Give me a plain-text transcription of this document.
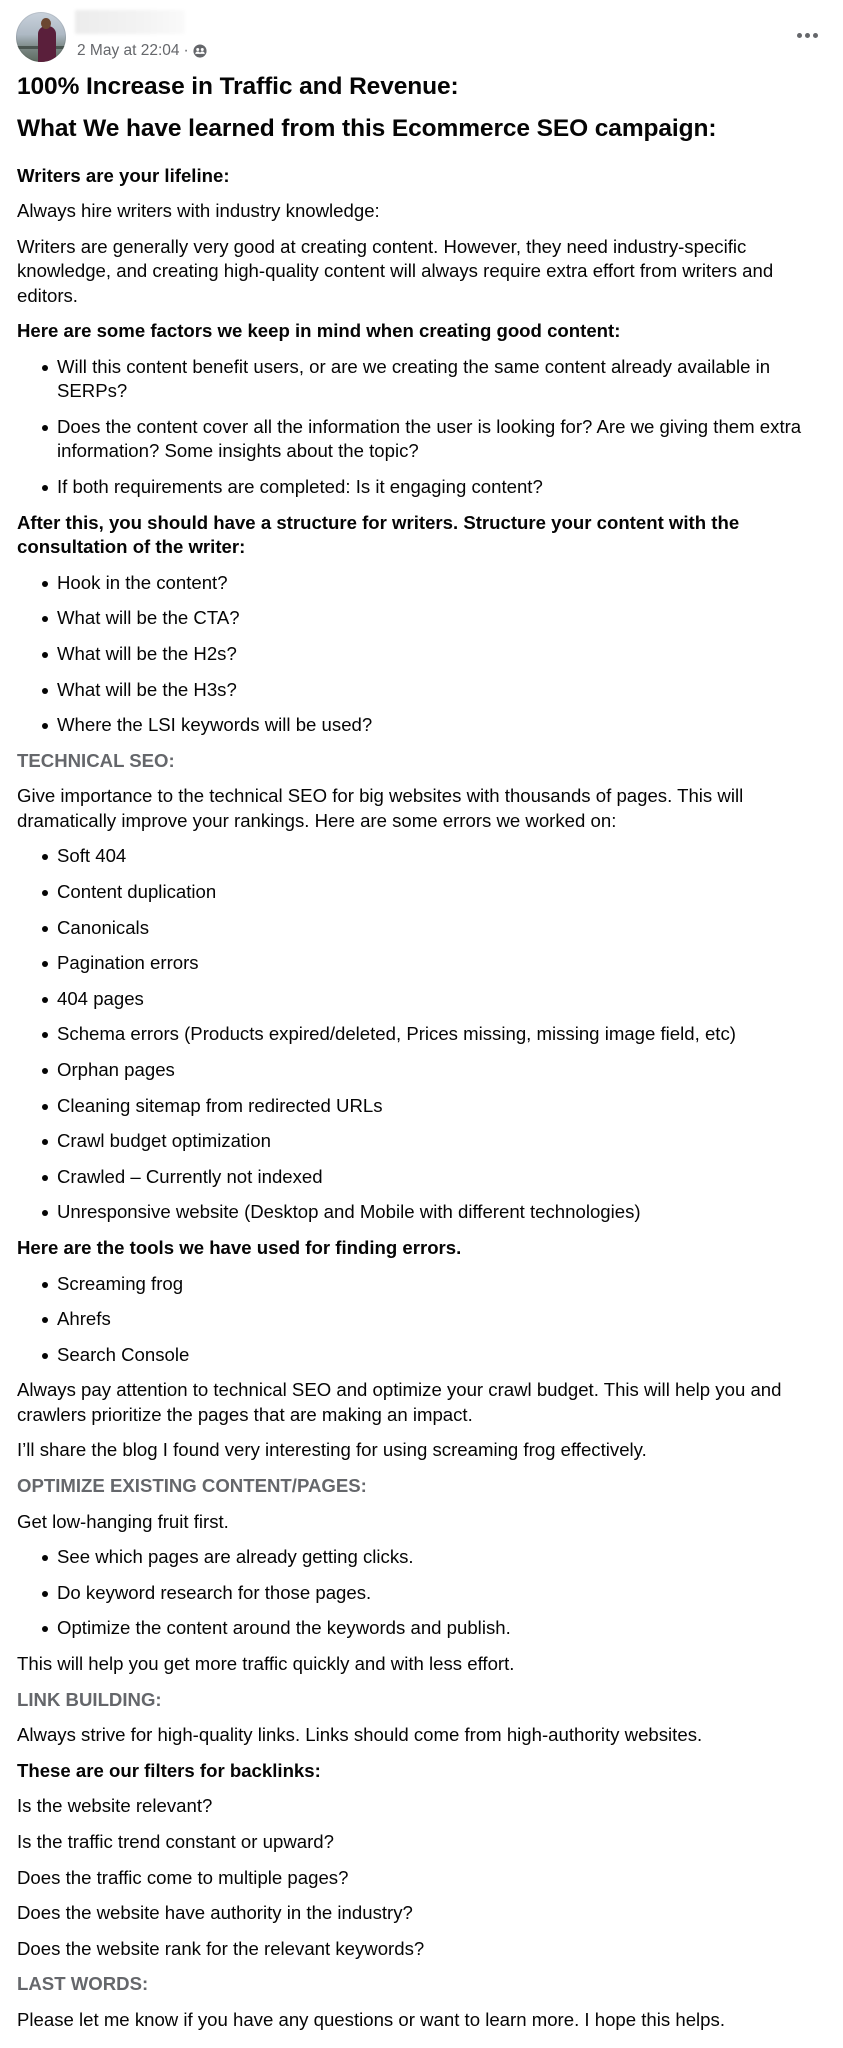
2 May at 22:04 ·
100% Increase in Traffic and Revenue:
What We have learned from this Ecommerce SEO campaign:
Writers are your lifeline:
Always hire writers with industry knowledge:
Writers are generally very good at creating content. However, they need industry-specific knowledge, and creating high-quality content will always require extra effort from writers and editors.
Here are some factors we keep in mind when creating good content:
Will this content benefit users, or are we creating the same content already available in SERPs?
Does the content cover all the information the user is looking for? Are we giving them extra information? Some insights about the topic?
If both requirements are completed: Is it engaging content?
After this, you should have a structure for writers. Structure your content with the consultation of the writer:
Hook in the content?
What will be the CTA?
What will be the H2s?
What will be the H3s?
Where the LSI keywords will be used?
TECHNICAL SEO:
Give importance to the technical SEO for big websites with thousands of pages. This will dramatically improve your rankings. Here are some errors we worked on:
Soft 404
Content duplication
Canonicals
Pagination errors
404 pages
Schema errors (Products expired/deleted, Prices missing, missing image field, etc)
Orphan pages
Cleaning sitemap from redirected URLs
Crawl budget optimization
Crawled – Currently not indexed
Unresponsive website (Desktop and Mobile with different technologies)
Here are the tools we have used for finding errors.
Screaming frog
Ahrefs
Search Console
Always pay attention to technical SEO and optimize your crawl budget. This will help you and crawlers prioritize the pages that are making an impact.
I’ll share the blog I found very interesting for using screaming frog effectively.
OPTIMIZE EXISTING CONTENT/PAGES:
Get low-hanging fruit first.
See which pages are already getting clicks.
Do keyword research for those pages.
Optimize the content around the keywords and publish.
This will help you get more traffic quickly and with less effort.
LINK BUILDING:
Always strive for high-quality links. Links should come from high-authority websites.
These are our filters for backlinks:
Is the website relevant?
Is the traffic trend constant or upward?
Does the traffic come to multiple pages?
Does the website have authority in the industry?
Does the website rank for the relevant keywords?
LAST WORDS:
Please let me know if you have any questions or want to learn more. I hope this helps.
